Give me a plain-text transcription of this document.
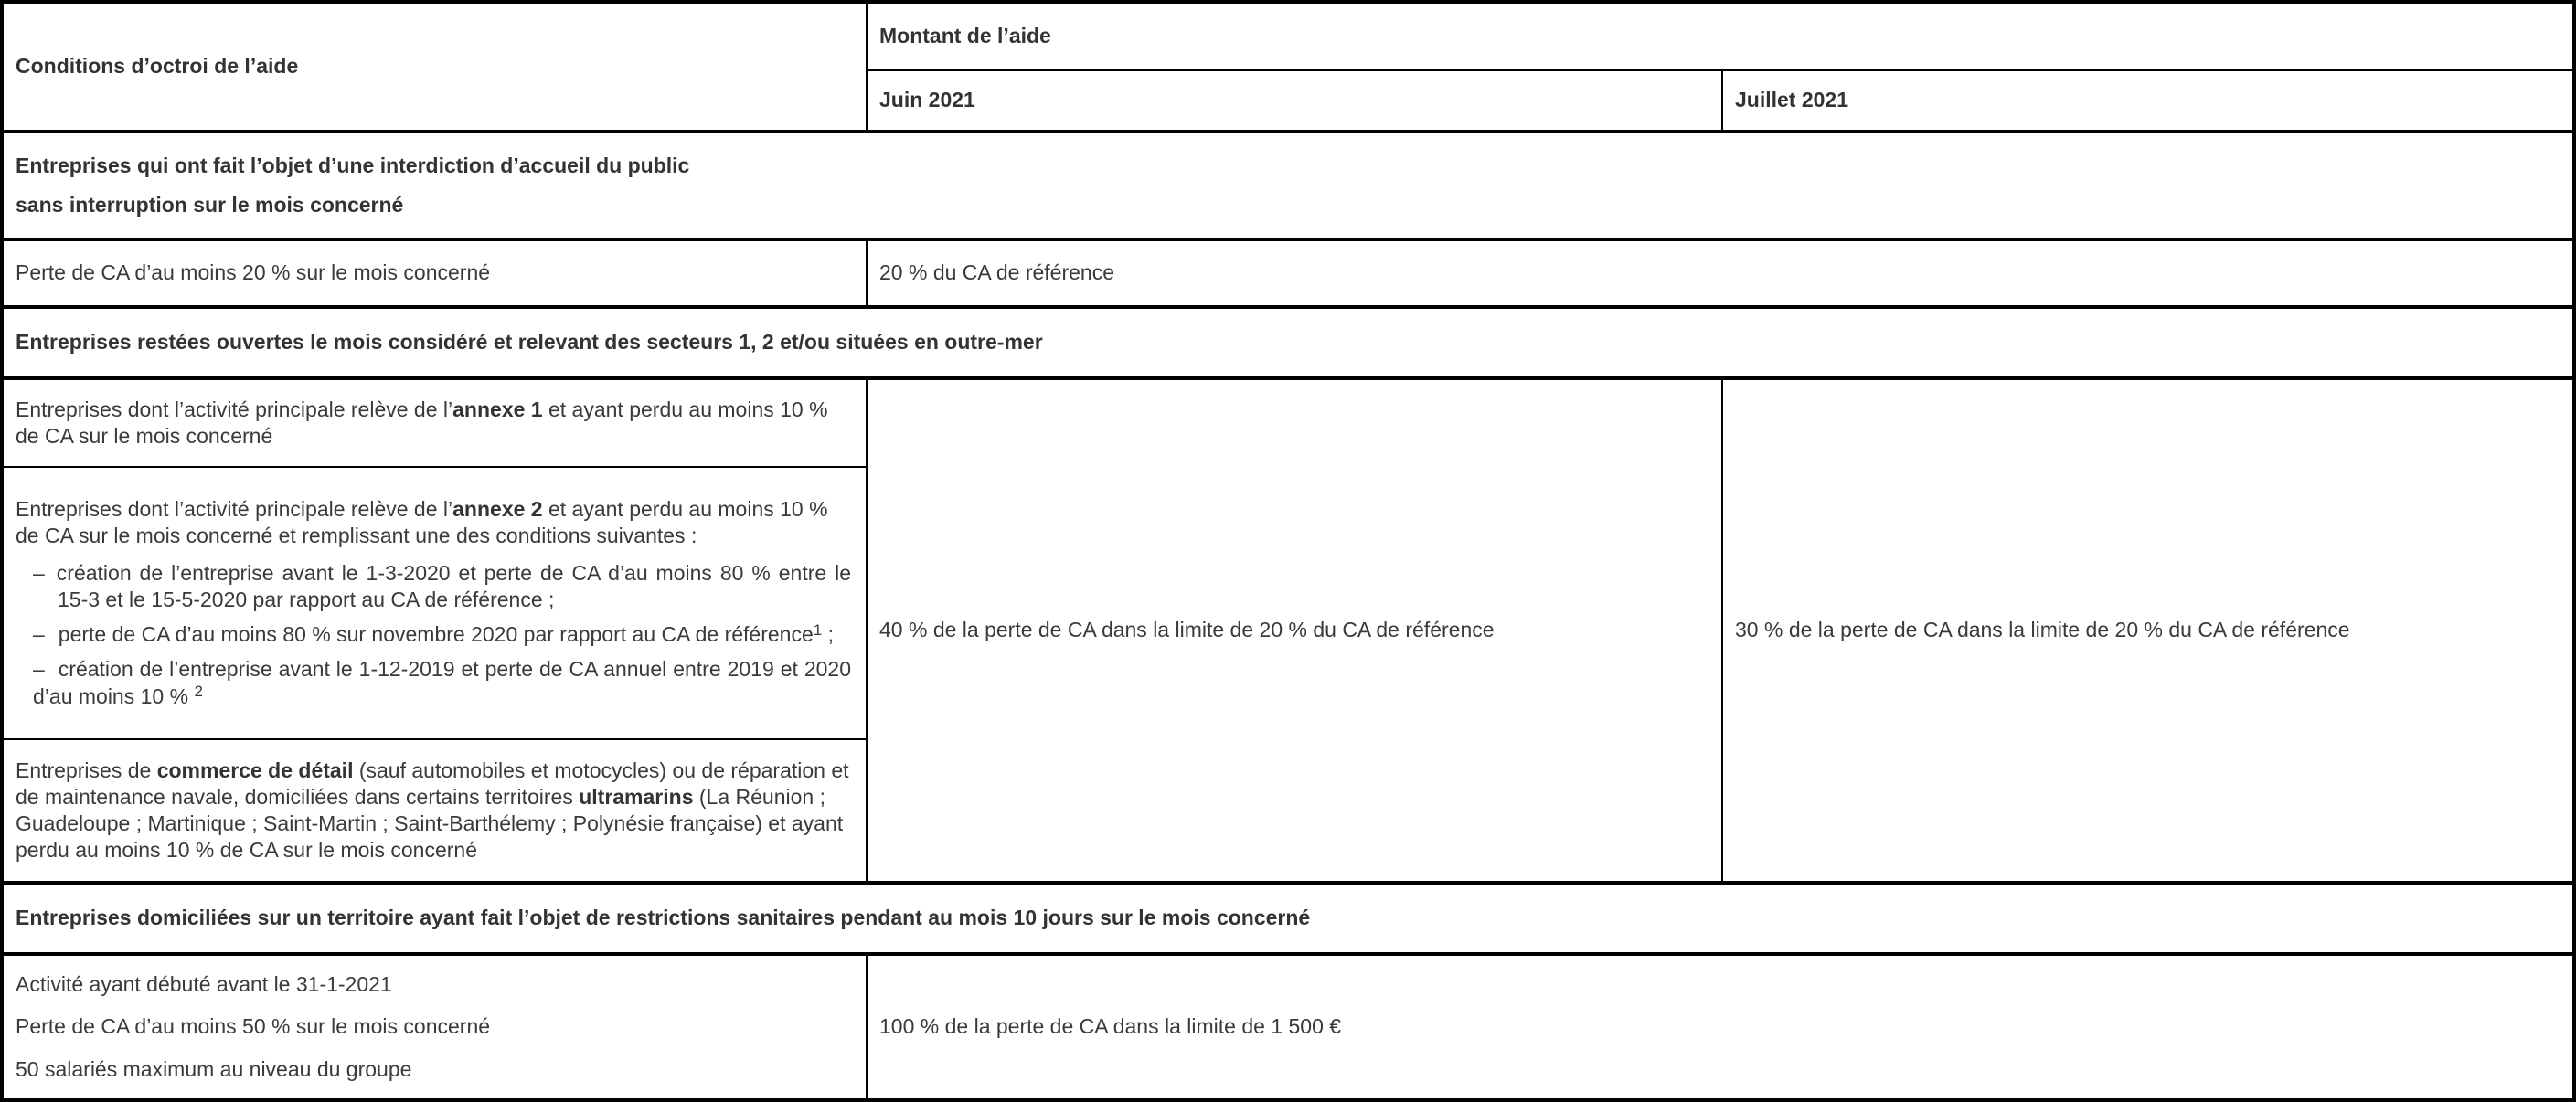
Conditions d’octroi de l’aide	Montant de l’aide	
	Juin 2021	Juillet 2021

Entreprises qui ont fait l’objet d’une interdiction d’accueil du public
sans interruption sur le mois concerné		

Perte de CA d’au moins 20 % sur le mois concerné	20 % du CA de référence	
Entreprises restées ouvertes le mois considéré et relevant des secteurs 1, 2 et/ou situées en outre-mer		
Entreprises dont l’activité principale relève de l’annexe 1 et ayant perdu au moins 10 % de CA sur le mois concerné	40 % de la perte de CA dans la limite de 20 % du CA de référence	30 % de la perte de CA dans la limite de 20 % du CA de référence

Entreprises dont l’activité principale relève de l’annexe 2 et ayant perdu au moins 10 % de CA sur le mois concerné et remplissant une des conditions suivantes :
– création de l’entreprise avant le 1-3-2020 et perte de CA d’au moins 80 % entre le 15-3 et le 15-5-2020 par rapport au CA de référence ;
– perte de CA d’au moins 80 % sur novembre 2020 par rapport au CA de référence$^1$ ;
– création de l’entreprise avant le 1-12-2019 et perte de CA annuel entre 2019 et 2020 d’au moins 10 % $^2$

Entreprises de commerce de détail (sauf automobiles et motocycles) ou de réparation et de maintenance navale, domiciliées dans certains territoires ultramarins (La Réunion ; Guadeloupe ; Martinique ; Saint-Martin ; Saint-Barthélemy ; Polynésie française) et ayant perdu au moins 10 % de CA sur le mois concerné		
Entreprises domiciliées sur un territoire ayant fait l’objet de restrictions sanitaires pendant au mois 10 jours sur le mois concerné		

Activité ayant débuté avant le 31-1-2021
Perte de CA d’au moins 50 % sur le mois concerné
50 salariés maximum au niveau du groupe	100 % de la perte de CA dans la limite de 1 500 €	
